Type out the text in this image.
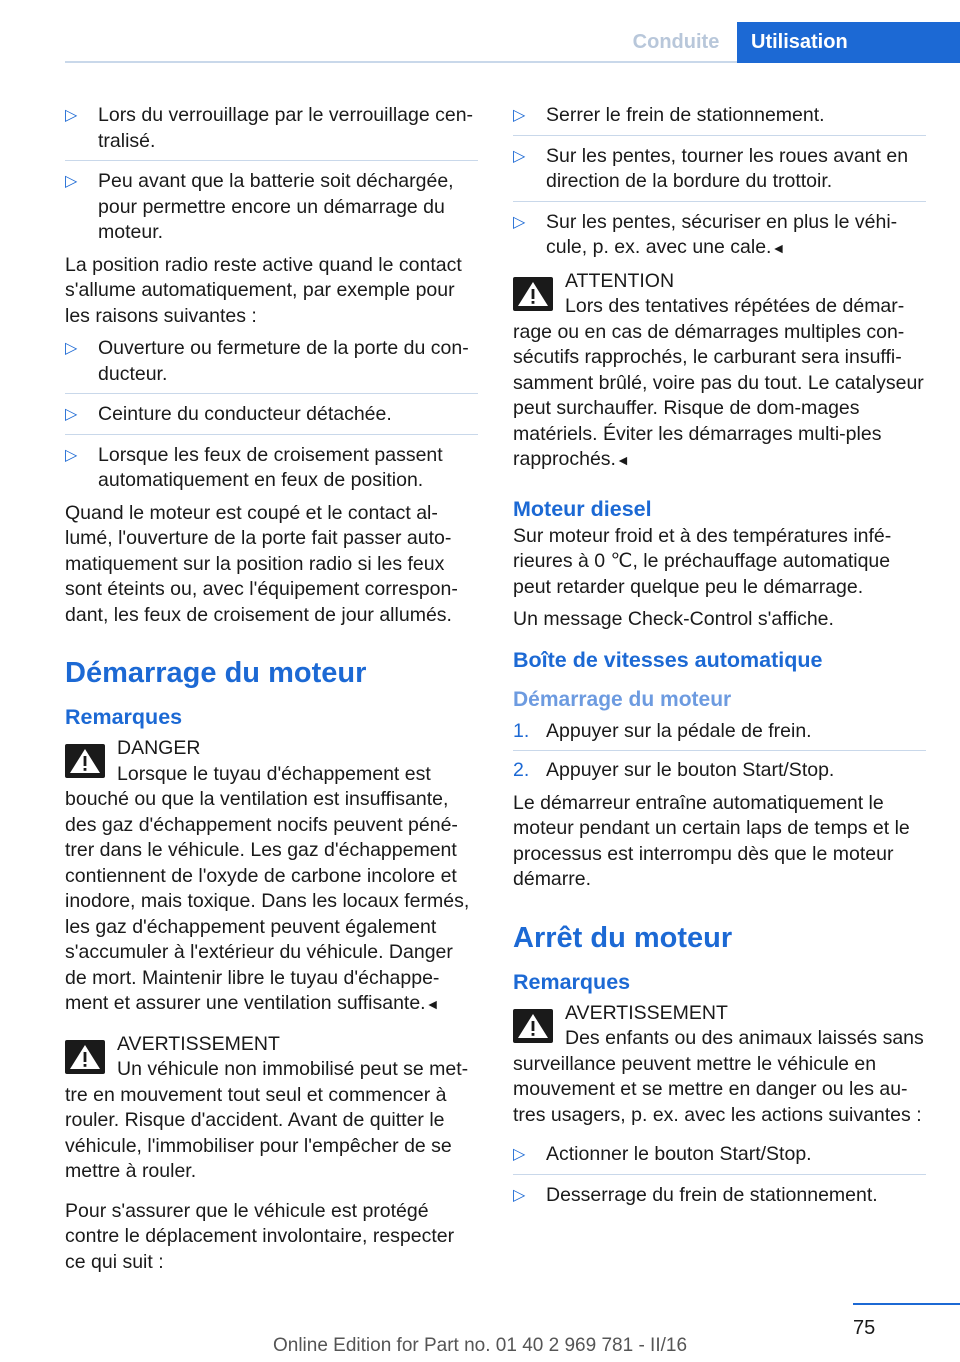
Conduite	Utilisation
▷ Lors du verrouillage par le verrouillage cen‐tralisé.
▷ Peu avant que la batterie soit déchargée, pour permettre encore un démarrage du moteur.

La position radio reste active quand le contact s'allume automatiquement, par exemple pour les raisons suivantes :

▷ Ouverture ou fermeture de la porte du con‐ducteur.
▷ Ceinture du conducteur détachée.
▷ Lorsque les feux de croisement passent automatiquement en feux de position.

Quand le moteur est coupé et le contact al‐lumé, l'ouverture de la porte fait passer auto‐matiquement sur la position radio si les feux sont éteints ou, avec l'équipement correspon‐dant, les feux de croisement de jour allumés.

Démarrage du moteur
Remarques
DANGER
Lorsque le tuyau d'échappement est bouché ou que la ventilation est insuffisante, des gaz d'échappement nocifs peuvent péné‐trer dans le véhicule. Les gaz d'échappement contiennent de l'oxyde de carbone incolore et inodore, mais toxique. Dans les locaux fermés, les gaz d'échappement peuvent également s'accumuler à l'extérieur du véhicule. Danger de mort. Maintenir libre le tuyau d'échappe‐ment et assurer une ventilation suffisante.◄
AVERTISSEMENT
Un véhicule non immobilisé peut se met‐tre en mouvement tout seul et commencer à rouler. Risque d'accident. Avant de quitter le véhicule, l'immobiliser pour l'empêcher de se mettre à rouler.

Pour s'assurer que le véhicule est protégé contre le déplacement involontaire, respecter ce qui suit :

▷ Serrer le frein de stationnement.
▷ Sur les pentes, tourner les roues avant en direction de la bordure du trottoir.
▷ Sur les pentes, sécuriser en plus le véhi‐cule, p. ex. avec une cale.◄
ATTENTION
Lors des tentatives répétées de démar‐rage ou en cas de démarrages multiples con‐sécutifs rapprochés, le carburant sera insuffi‐samment brûlé, voire pas du tout. Le catalyseur peut surchauffer. Risque de dom‐mages matériels. Éviter les démarrages multi‐ples rapprochés.◄
Moteur diesel

Sur moteur froid et à des températures infé‐rieures à 0 ℃, le préchauffage automatique peut retarder quelque peu le démarrage.

Un message Check-Control s'affiche.

Boîte de vitesses automatique
Démarrage du moteur
1. Appuyer sur la pédale de frein.
2. Appuyer sur le bouton Start/Stop.

Le démarreur entraîne automatiquement le moteur pendant un certain laps de temps et le processus est interrompu dès que le moteur démarre.

Arrêt du moteur
Remarques
AVERTISSEMENT
Des enfants ou des animaux laissés sans surveillance peuvent mettre le véhicule en mouvement et se mettre en danger ou les au‐tres usagers, p. ex. avec les actions suivantes :
▷ Actionner le bouton Start/Stop.
▷ Desserrage du frein de stationnement.
75
Online Edition for Part no. 01 40 2 969 781 - II/16
